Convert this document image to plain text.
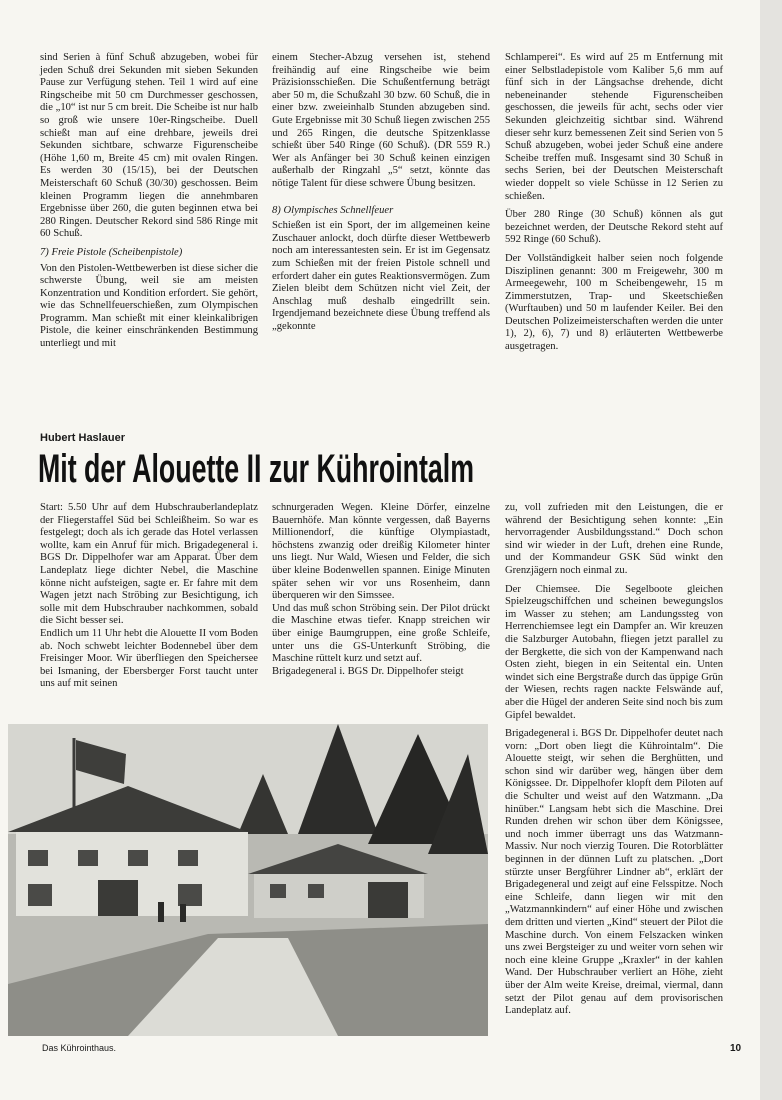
sind Serien à fünf Schuß abzugeben, wobei für jeden Schuß drei Sekunden mit sieben Sekunden Pause zur Verfügung stehen. Teil 1 wird auf eine Ringscheibe mit 50 cm Durchmesser geschossen, die „10“ ist nur 5 cm breit. Die Scheibe ist nur halb so groß wie unsere 10er-Ringscheibe. Duell schießt man auf eine drehbare, jeweils drei Sekunden sichtbare, schwarze Figurenscheibe (Höhe 1,60 m, Breite 45 cm) mit ovalen Ringen. Es werden 30 (15/15), bei der Deutschen Meisterschaft 60 Schuß (30/30) geschossen. Beim kleinen Programm liegen die annehmbaren Ergebnisse über 260, die guten beginnen etwa bei 280 Ringen. Deutscher Rekord sind 586 Ringe mit 60 Schuß.

7) Freie Pistole (Scheibenpistole)

Von den Pistolen-Wettbewerben ist diese sicher die schwerste Übung, weil sie am meisten Konzentration und Kondition erfordert. Sie gehört, wie das Schnellfeuerschießen, zum Olympischen Programm. Man schießt mit einer kleinkalibrigen Pistole, die keiner einschränkenden Bestimmung unterliegt und mit

einem Stecher-Abzug versehen ist, stehend freihändig auf eine Ringscheibe wie beim Präzisionsschießen. Die Schußentfernung beträgt aber 50 m, die Schußzahl 30 bzw. 60 Schuß, die in einer bzw. zweieinhalb Stunden abzugeben sind. Gute Ergebnisse mit 30 Schuß liegen zwischen 255 und 265 Ringen, die deutsche Spitzenklasse schießt über 540 Ringe (60 Schuß). (DR 559 R.) Wer als Anfänger bei 30 Schuß keinen einzigen außerhalb der Ringzahl „5“ setzt, könnte das nötige Talent für diese schwere Übung besitzen.

8) Olympisches Schnellfeuer

Schießen ist ein Sport, der im allgemeinen keine Zuschauer anlockt, doch dürfte dieser Wettbewerb noch am interessantesten sein. Er ist im Gegensatz zum Schießen mit der freien Pistole schnell und erfordert daher ein gutes Reaktionsvermögen. Zum Zielen bleibt dem Schützen nicht viel Zeit, der Anschlag muß deshalb eingedrillt sein. Irgendjemand bezeichnete diese Übung treffend als „gekonnte

Schlamperei“. Es wird auf 25 m Entfernung mit einer Selbstladepistole vom Kaliber 5,6 mm auf fünf sich in der Längsachse drehende, dicht nebeneinander stehende Figurenscheiben geschossen, die jeweils für acht, sechs oder vier Sekunden gleichzeitig sichtbar sind. Während dieser sehr kurz bemessenen Zeit sind Serien von 5 Schuß abzugeben, wobei jeder Schuß eine andere Scheibe treffen muß. Insgesamt sind 30 Schuß in sechs Serien, bei der Deutschen Meisterschaft wieder doppelt so viele Schüsse in 12 Serien zu schießen.

Über 280 Ringe (30 Schuß) können als gut bezeichnet werden, der Deutsche Rekord steht auf 592 Ringe (60 Schuß).

Der Vollständigkeit halber seien noch folgende Disziplinen genannt: 300 m Freigewehr, 300 m Armeegewehr, 100 m Scheibengewehr, 15 m Zimmerstutzen, Trap- und Skeetschießen (Wurftauben) und 50 m laufender Keiler. Bei den Deutschen Polizeimeisterschaften werden die unter 1), 2), 6), 7) und 8) erläuterten Wettbewerbe ausgetragen.

Hubert Haslauer
Mit der Alouette II zur Kührointalm

Start: 5.50 Uhr auf dem Hubschrauberlandeplatz der Fliegerstaffel Süd bei Schleißheim. So war es festgelegt; doch als ich gerade das Hotel verlassen wollte, kam ein Anruf für mich. Brigadegeneral i. BGS Dr. Dippelhofer war am Apparat. Über dem Landeplatz liege dichter Nebel, die Maschine könne nicht aufsteigen, sagte er. Er fahre mit dem Wagen jetzt nach Ströbing zur Besichtigung, ich solle mit dem Hubschrauber nachkommen, sobald die Sicht besser sei.

Endlich um 11 Uhr hebt die Alouette II vom Boden ab. Noch schwebt leichter Bodennebel über dem Freisinger Moor. Wir überfliegen den Speichersee bei Ismaning, der Ebersberger Forst taucht unter uns auf mit seinen

schnurgeraden Wegen. Kleine Dörfer, einzelne Bauernhöfe. Man könnte vergessen, daß Bayerns Millionendorf, die künftige Olympiastadt, höchstens zwanzig oder dreißig Kilometer hinter uns liegt. Nur Wald, Wiesen und Felder, die sich über kleine Bodenwellen spannen. Einige Minuten später sehen wir vor uns Rosenheim, dann überqueren wir den Simssee.

Und das muß schon Ströbing sein. Der Pilot drückt die Maschine etwas tiefer. Knapp streichen wir über einige Baumgruppen, eine große Schleife, unter uns die GS-Unterkunft Ströbing, die Maschine rüttelt kurz und setzt auf.

Brigadegeneral i. BGS Dr. Dippelhofer steigt

zu, voll zufrieden mit den Leistungen, die er während der Besichtigung sehen konnte: „Ein hervorragender Ausbildungsstand.“ Doch schon sind wir wieder in der Luft, drehen eine Runde, und der Kommandeur GSK Süd winkt den Grenzjägern noch einmal zu.

Der Chiemsee. Die Segelboote gleichen Spielzeugschiffchen und scheinen bewegungslos im Wasser zu stehen; am Landungssteg von Herrenchiemsee legt ein Dampfer an. Wir kreuzen die Salzburger Autobahn, fliegen jetzt parallel zu der Bergkette, die sich von der Kampenwand nach Osten zieht, biegen in ein Seitental ein. Unten windet sich eine Bergstraße durch das üppige Grün der Wiesen, rechts ragen nackte Felswände auf, aber die Hügel der anderen Seite sind noch bis zum Gipfel bewaldet.

Brigadegeneral i. BGS Dr. Dippelhofer deutet nach vorn: „Dort oben liegt die Kührointalm“. Die Alouette steigt, wir sehen die Berghütten, und schon sind wir darüber weg, hängen über dem Königssee. Dr. Dippelhofer klopft dem Piloten auf die Schulter und weist auf den Watzmann. „Da hinüber.“ Langsam hebt sich die Maschine. Drei Runden drehen wir schon über dem Königssee, und noch immer überragt uns das Watzmann-Massiv. Nur noch vierzig Touren. Die Rotorblätter beginnen in der dünnen Luft zu platschen. „Dort stürzte unser Bergführer Lindner ab“, erklärt der Brigadegeneral und zeigt auf eine Felsspitze. Noch eine Schleife, dann liegen wir mit den „Watzmannkindern“ auf einer Höhe und zwischen dem dritten und vierten „Kind“ steuert der Pilot die Maschine durch. Von einem Felszacken winken uns zwei Bergsteiger zu und weiter vorn sehen wir noch eine kleine Gruppe „Kraxler“ in der kahlen Wand. Der Hubschrauber verliert an Höhe, zieht über der Alm weite Kreise, dreimal, viermal, dann setzt der Pilot genau auf dem provisorischen Landeplatz auf.

Das Kührointhaus.	10
